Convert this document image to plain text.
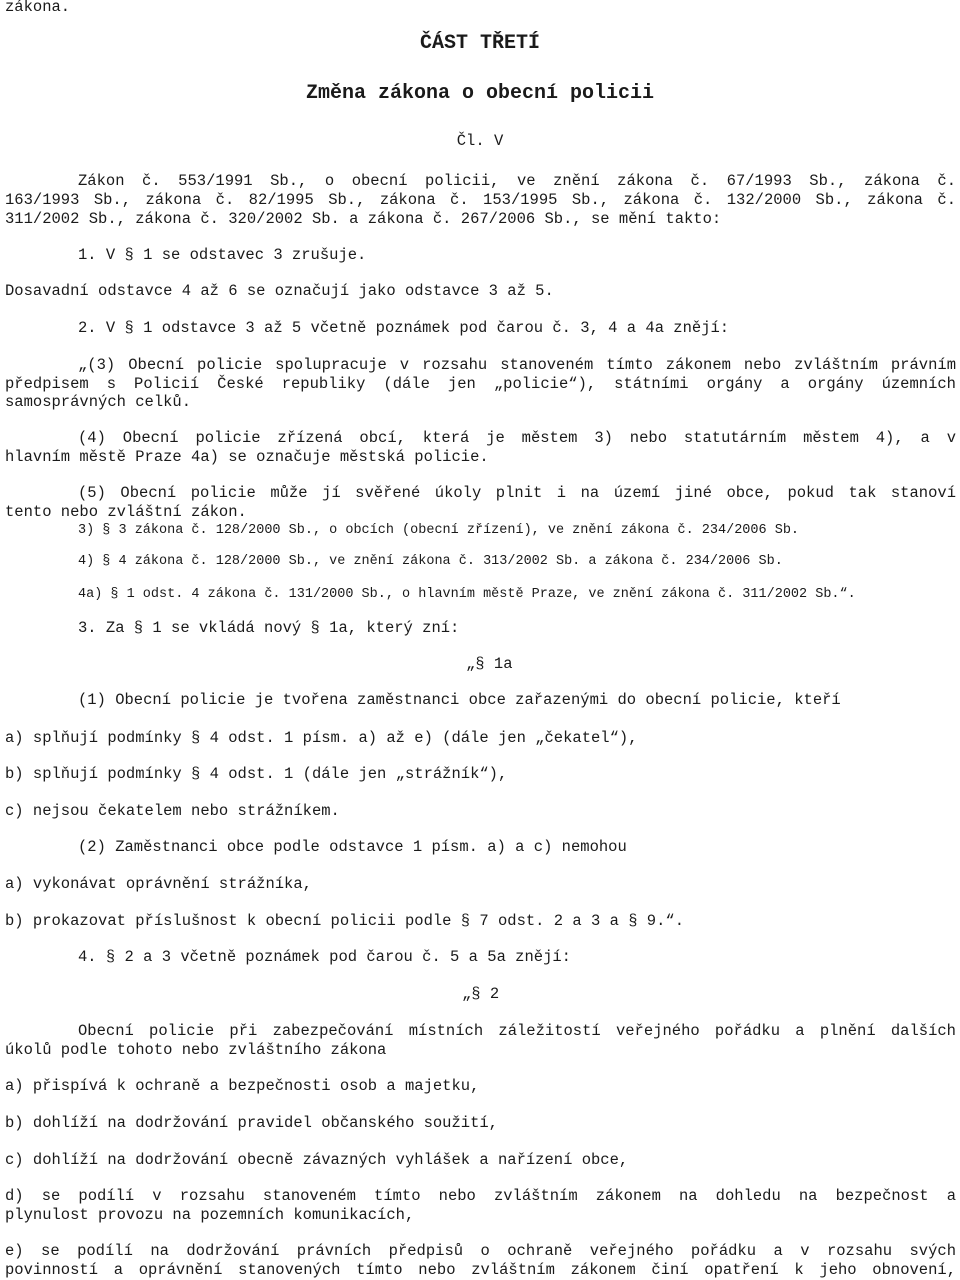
zákona.
ČÁST TŘETÍ
Změna zákona o obecní policii
Čl. V
Zákon č. 553/1991 Sb., o obecní policii, ve znění zákona č. 67/1993 Sb., zákona č.
163/1993 Sb., zákona č. 82/1995 Sb., zákona č. 153/1995 Sb., zákona č. 132/2000 Sb., zákona č.
311/2002 Sb., zákona č. 320/2002 Sb. a zákona č. 267/2006 Sb., se mění takto:
1. V § 1 se odstavec 3 zrušuje.
Dosavadní odstavce 4 až 6 se označují jako odstavce 3 až 5.
2. V § 1 odstavce 3 až 5 včetně poznámek pod čarou č. 3, 4 a 4a znějí:
„(3) Obecní policie spolupracuje v rozsahu stanoveném tímto zákonem nebo zvláštním právním
předpisem s Policií České republiky (dále jen „policie“), státními orgány a orgány územních
samosprávných celků.
(4) Obecní policie zřízená obcí, která je městem 3) nebo statutárním městem 4), a v
hlavním městě Praze 4a) se označuje městská policie.
(5) Obecní policie může jí svěřené úkoly plnit i na území jiné obce, pokud tak stanoví
tento nebo zvláštní zákon.
3) § 3 zákona č. 128/2000 Sb., o obcích (obecní zřízení), ve znění zákona č. 234/2006 Sb.
4) § 4 zákona č. 128/2000 Sb., ve znění zákona č. 313/2002 Sb. a zákona č. 234/2006 Sb.
4a) § 1 odst. 4 zákona č. 131/2000 Sb., o hlavním městě Praze, ve znění zákona č. 311/2002 Sb.“.
3. Za § 1 se vkládá nový § 1a, který zní:
„§ 1a
(1) Obecní policie je tvořena zaměstnanci obce zařazenými do obecní policie, kteří
a) splňují podmínky § 4 odst. 1 písm. a) až e) (dále jen „čekatel“),
b) splňují podmínky § 4 odst. 1 (dále jen „strážník“),
c) nejsou čekatelem nebo strážníkem.
(2) Zaměstnanci obce podle odstavce 1 písm. a) a c) nemohou
a) vykonávat oprávnění strážníka,
b) prokazovat příslušnost k obecní policii podle § 7 odst. 2 a 3 a § 9.“.
4. § 2 a 3 včetně poznámek pod čarou č. 5 a 5a znějí:
„§ 2
Obecní policie při zabezpečování místních záležitostí veřejného pořádku a plnění dalších
úkolů podle tohoto nebo zvláštního zákona
a) přispívá k ochraně a bezpečnosti osob a majetku,
b) dohlíží na dodržování pravidel občanského soužití,
c) dohlíží na dodržování obecně závazných vyhlášek a nařízení obce,
d) se podílí v rozsahu stanoveném tímto nebo zvláštním zákonem na dohledu na bezpečnost a
plynulost provozu na pozemních komunikacích,
e) se podílí na dodržování právních předpisů o ochraně veřejného pořádku a v rozsahu svých
povinností a oprávnění stanovených tímto nebo zvláštním zákonem činí opatření k jeho obnovení,
